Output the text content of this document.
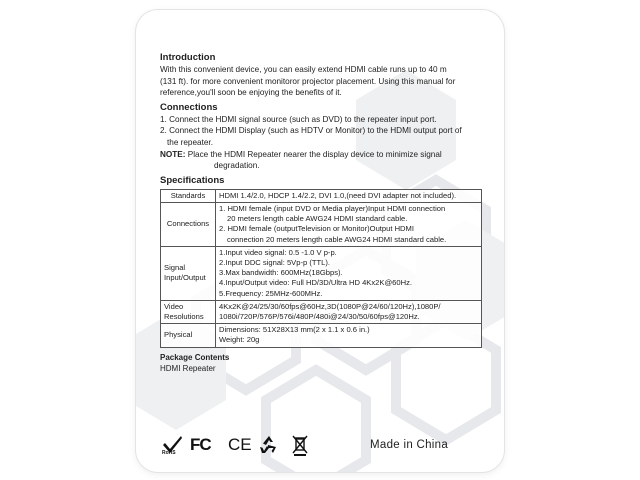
Introduction

With this convenient device, you can easily extend HDMI cable runs up to 40 m

(131 ft). for more convenient monitoror projector placement. Using this manual for

reference,you'll soon be enjoying the benefits of it.

Connections

1. Connect the HDMI signal source (such as DVD) to the repeater input port.

2. Connect the HDMI Display (such as HDTV or Monitor) to the HDMI output port of

the repeater.

NOTE: Place the HDMI Repeater nearer the display device to minimize signal

degradation.

Specifications
Standards	HDMI 1.4/2.0, HDCP 1.4/2.2, DVI 1.0,(need DVI adapter not included).

Connections	1. HDMI female (input DVD or Media player)Input HDMI connection
20 meters length cable AWG24 HDMI standard cable.
2. HDMI female (outputTelevision or Monitor)Output HDMI
connection 20 meters length cable AWG24 HDMI standard cable.

Signal Input/Output	1.Input video signal: 0.5 -1.0 V p-p.
2.Input DDC signal: 5Vp-p (TTL).
3.Max bandwidth: 600MHz(18Gbps).
4.Input/Output video: Full HD/3D/Ultra HD 4Kx2K@60Hz.
5.Frequency: 25MHz-600MHz.

Video Resolutions	4Kx2K@24/25/30/60fps@60Hz,3D(1080P@24/60/120Hz),1080P/
1080i/720P/576P/576i/480P/480i@24/30/50/60fps@120Hz.

Physical	Dimensions: 51X28X13 mm(2 x 1.1 x 0.6 in.)
Weight: 20g
Package Contents

HDMI Repeater

RoHS FC CE	Made in China
